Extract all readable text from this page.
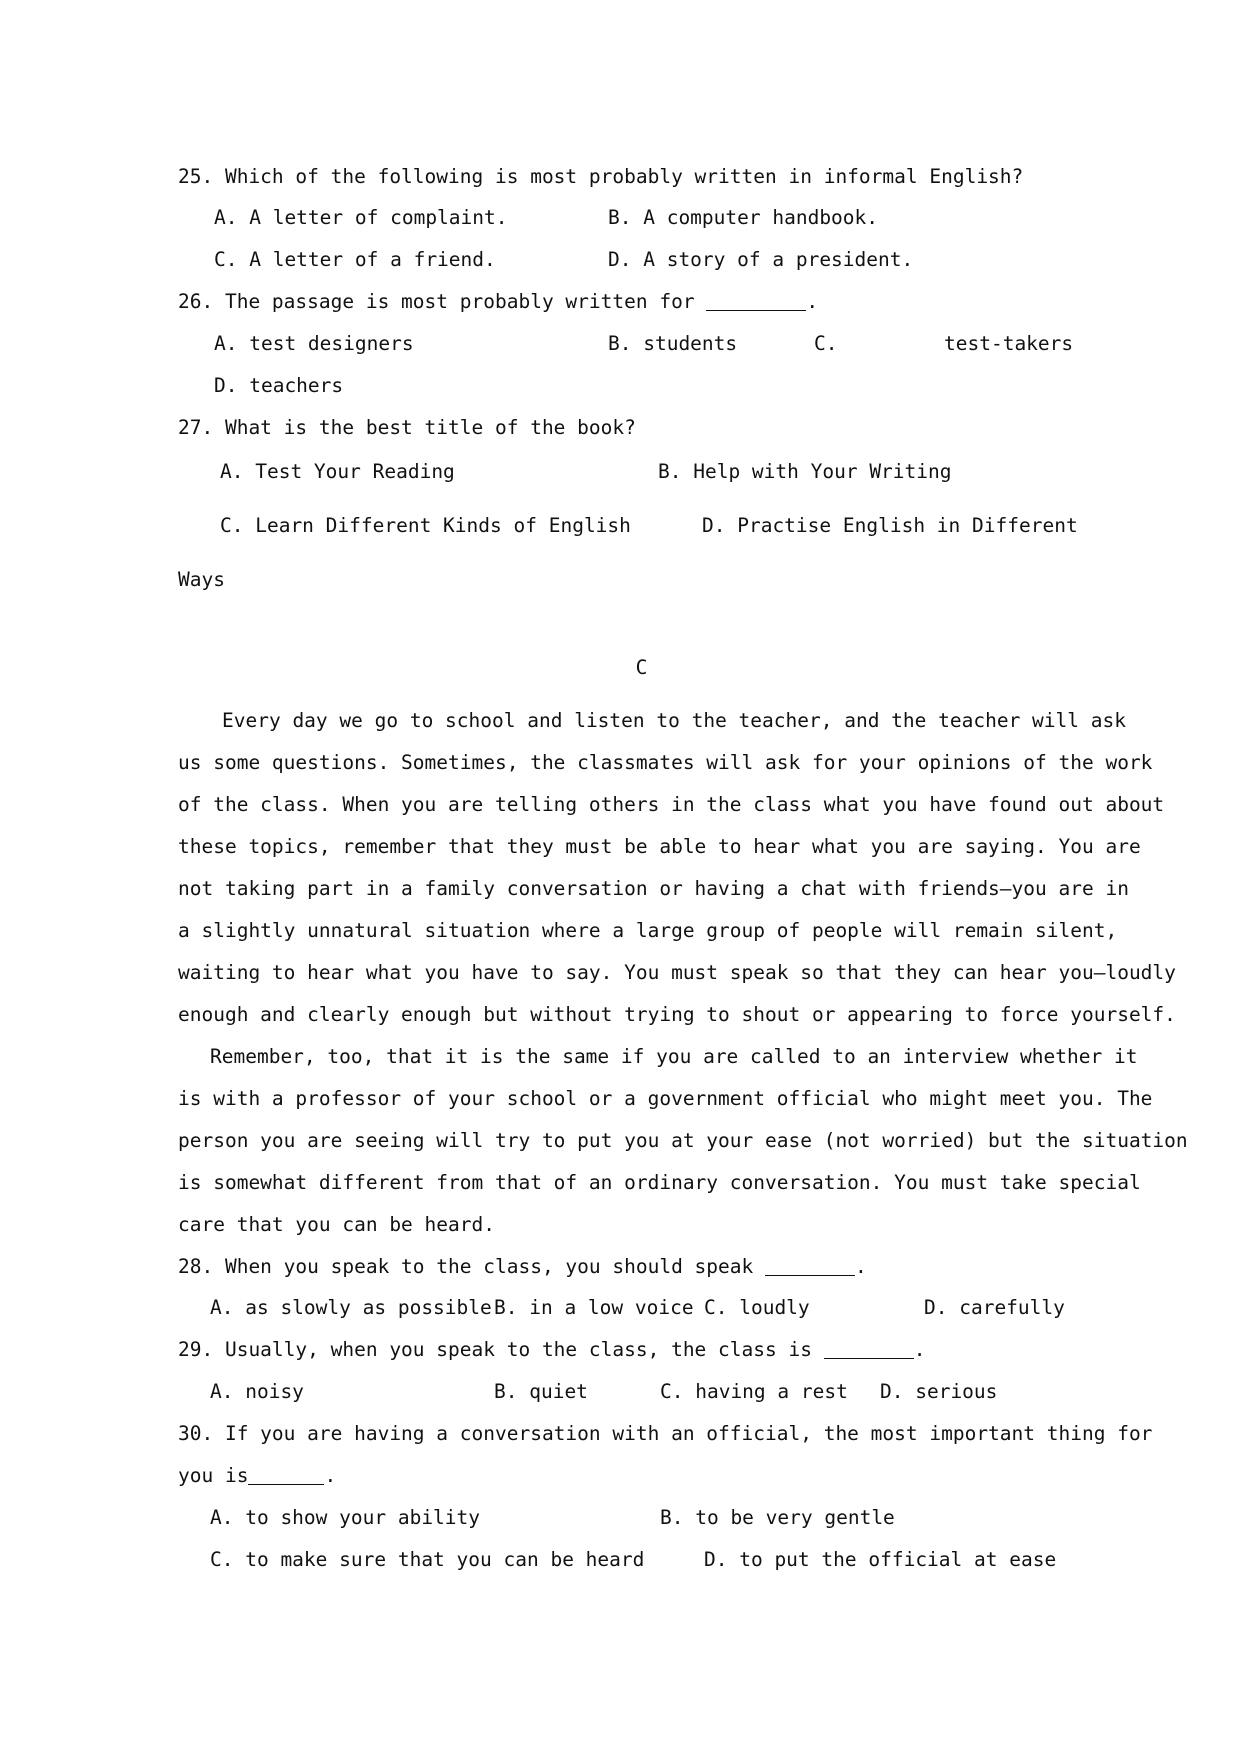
25. Which of the following is most probably written in informal English?
A. A letter of complaint.	B. A computer handbook.
C. A letter of a friend.	D. A story of a president.
26. The passage is most probably written for	.
A. test designers	B. students	C.	test-takers
D. teachers
27. What is the best title of the book?
A. Test Your Reading	B. Help with Your Writing
C. Learn Different Kinds of English	D. Practise English in Different
Ways
C
Every day we go to school and listen to the teacher, and the teacher will ask
us some questions. Sometimes, the classmates will ask for your opinions of the work
of the class. When you are telling others in the class what you have found out about
these topics, remember that they must be able to hear what you are saying. You are
not taking part in a family conversation or having a chat with friends—you are in
a slightly unnatural situation where a large group of people will remain silent,
waiting to hear what you have to say. You must speak so that they can hear you—loudly
enough and clearly enough but without trying to shout or appearing to force yourself.
Remember, too, that it is the same if you are called to an interview whether it
is with a professor of your school or a government official who might meet you. The
person you are seeing will try to put you at your ease (not worried) but the situation
is somewhat different from that of an ordinary conversation. You must take special
care that you can be heard.
28. When you speak to the class, you should speak	.
A. as slowly as possible B. in a low voice C. loudly	D. carefully
29. Usually, when you speak to the class, the class is	.
A. noisy	B. quiet	C. having a rest D. serious
30. If you are having a conversation with an official, the most important thing for
you is	.
A. to show your ability	B. to be very gentle
C. to make sure that you can be heard	D. to put the official at ease
